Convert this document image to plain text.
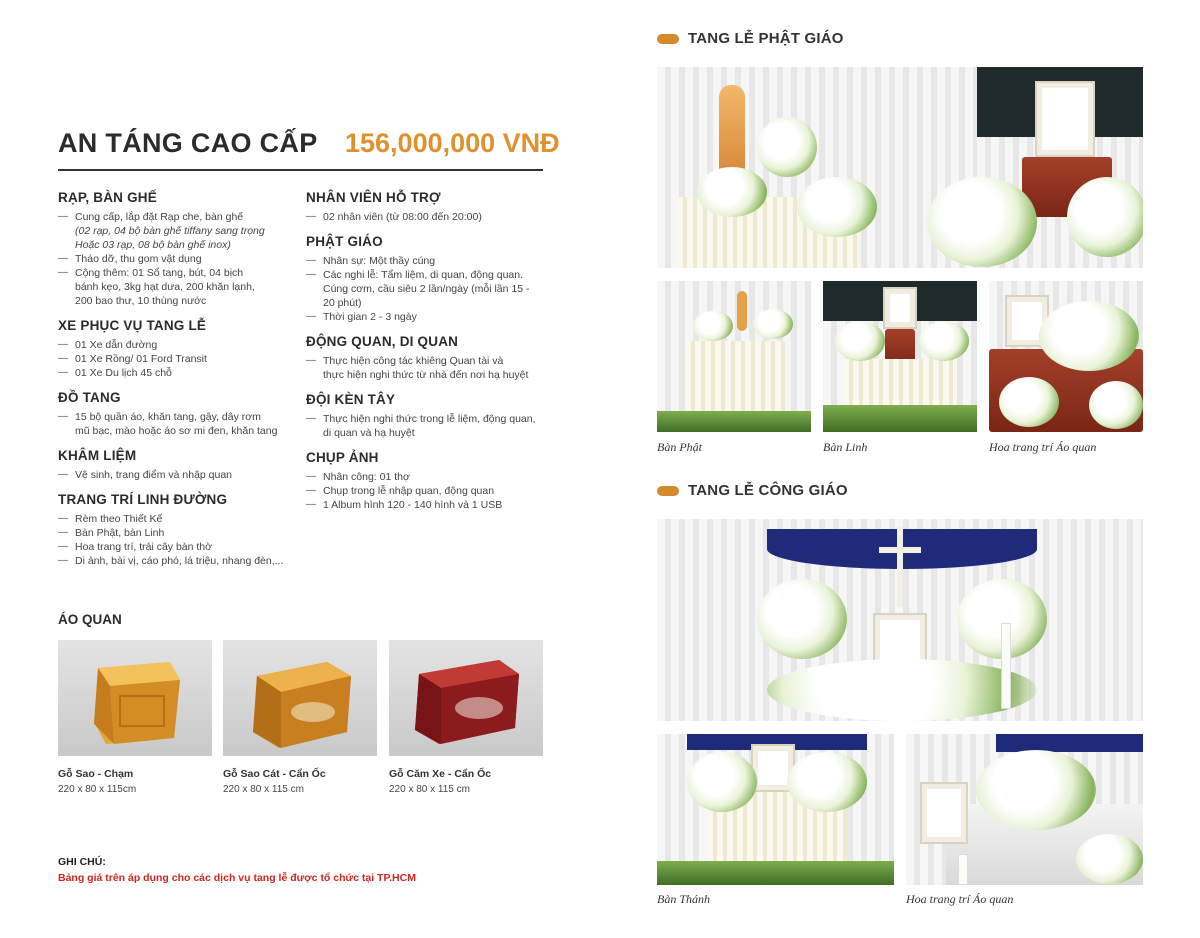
AN TÁNG CAO CẤP 156,000,000 VNĐ
RẠP, BÀN GHẾ
— Cung cấp, lắp đặt Rạp che, bàn ghế
(02 rạp, 04 bộ bàn ghế tiffany sang trọng
Hoặc 03 rạp, 08 bộ bàn ghế inox)
— Tháo dỡ, thu gom vật dụng
— Cộng thêm: 01 Sổ tang, bút, 04 bịch
bánh kẹo, 3kg hạt dưa, 200 khăn lạnh,
200 bao thư, 10 thùng nước
XE PHỤC VỤ TANG LỄ
— 01 Xe dẫn đường
— 01 Xe Rồng/ 01 Ford Transit
— 01 Xe Du lịch 45 chỗ
ĐỒ TANG
— 15 bộ quần áo, khăn tang, gậy, dây rơm
mũ bạc, mào hoặc áo sơ mi đen, khăn tang
KHÂM LIỆM
— Vệ sinh, trang điểm và nhập quan
TRANG TRÍ LINH ĐƯỜNG
— Rèm theo Thiết Kế
— Bàn Phật, bàn Linh
— Hoa trang trí, trái cây bàn thờ
— Di ảnh, bài vị, cáo phó, lá triệu, nhang đèn,...
NHÂN VIÊN HỖ TRỢ
— 02 nhân viên (từ 08:00 đến 20:00)
PHẬT GIÁO
— Nhân sự: Một thầy cúng
— Các nghi lễ: Tẩm liệm, di quan, động quan.
Cúng cơm, cầu siêu 2 lần/ngày (mỗi lần 15 -
20 phút)
— Thời gian 2 - 3 ngày
ĐỘNG QUAN, DI QUAN
— Thực hiện công tác khiêng Quan tài và
thực hiện nghi thức từ nhà đến nơi hạ huyệt
ĐỘI KÈN TÂY
— Thực hiện nghi thức trong lễ liệm, động quan,
di quan và hạ huyệt
CHỤP ẢNH
— Nhân công: 01 thợ
— Chụp trong lễ nhập quan, động quan
— 1 Album hình 120 - 140 hình và 1 USB
ÁO QUAN
Gỗ Sao - Chạm
220 x 80 x 115cm
Gỗ Sao Cát - Cẩn Ốc
220 x 80 x 115 cm
Gỗ Căm Xe - Cẩn Ốc
220 x 80 x 115 cm
GHI CHÚ:
Bảng giá trên áp dụng cho các dịch vụ tang lễ được tổ chức tại TP.HCM
TANG LỄ PHẬT GIÁO
Bàn Phật	Bàn Linh	Hoa trang trí Áo quan
TANG LỄ CÔNG GIÁO
Bàn Thánh	Hoa trang trí Áo quan
